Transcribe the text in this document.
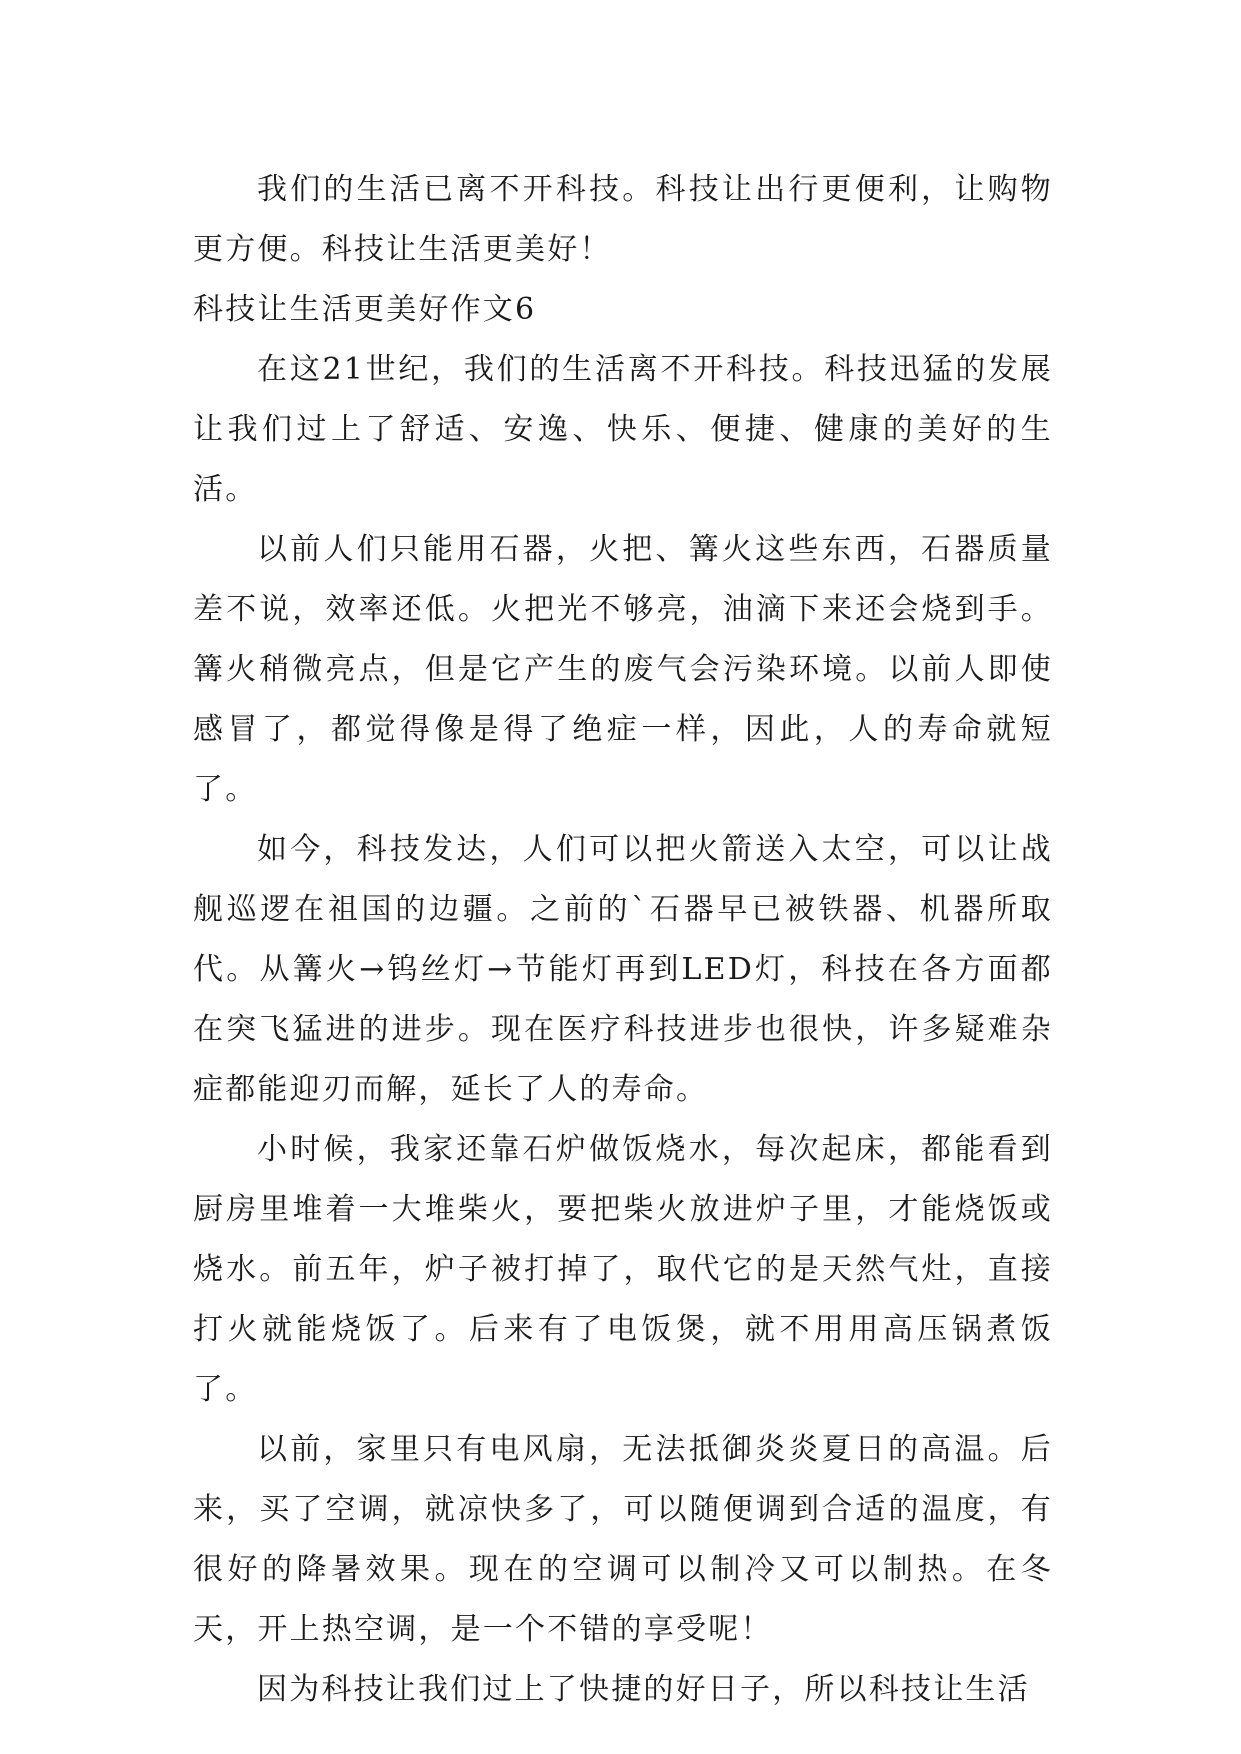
我们的生活已离不开科技。科技让出行更便利，让购物更方便。科技让生活更美好！

科技让生活更美好作文6

在这21世纪，我们的生活离不开科技。科技迅猛的发展让我们过上了舒适、安逸、快乐、便捷、健康的美好的生活。

以前人们只能用石器，火把、篝火这些东西，石器质量差不说，效率还低。火把光不够亮，油滴下来还会烧到手。篝火稍微亮点，但是它产生的废气会污染环境。以前人即使感冒了，都觉得像是得了绝症一样，因此，人的寿命就短了。

如今，科技发达，人们可以把火箭送入太空，可以让战舰巡逻在祖国的边疆。之前的`石器早已被铁器、机器所取代。从篝火→钨丝灯→节能灯再到LED灯，科技在各方面都在突飞猛进的进步。现在医疗科技进步也很快，许多疑难杂症都能迎刃而解，延长了人的寿命。

小时候，我家还靠石炉做饭烧水，每次起床，都能看到厨房里堆着一大堆柴火，要把柴火放进炉子里，才能烧饭或烧水。前五年，炉子被打掉了，取代它的是天然气灶，直接打火就能烧饭了。后来有了电饭煲，就不用用高压锅煮饭了。

以前，家里只有电风扇，无法抵御炎炎夏日的高温。后来，买了空调，就凉快多了，可以随便调到合适的温度，有很好的降暑效果。现在的空调可以制冷又可以制热。在冬天，开上热空调，是一个不错的享受呢！

因为科技让我们过上了快捷的好日子，所以科技让生活
